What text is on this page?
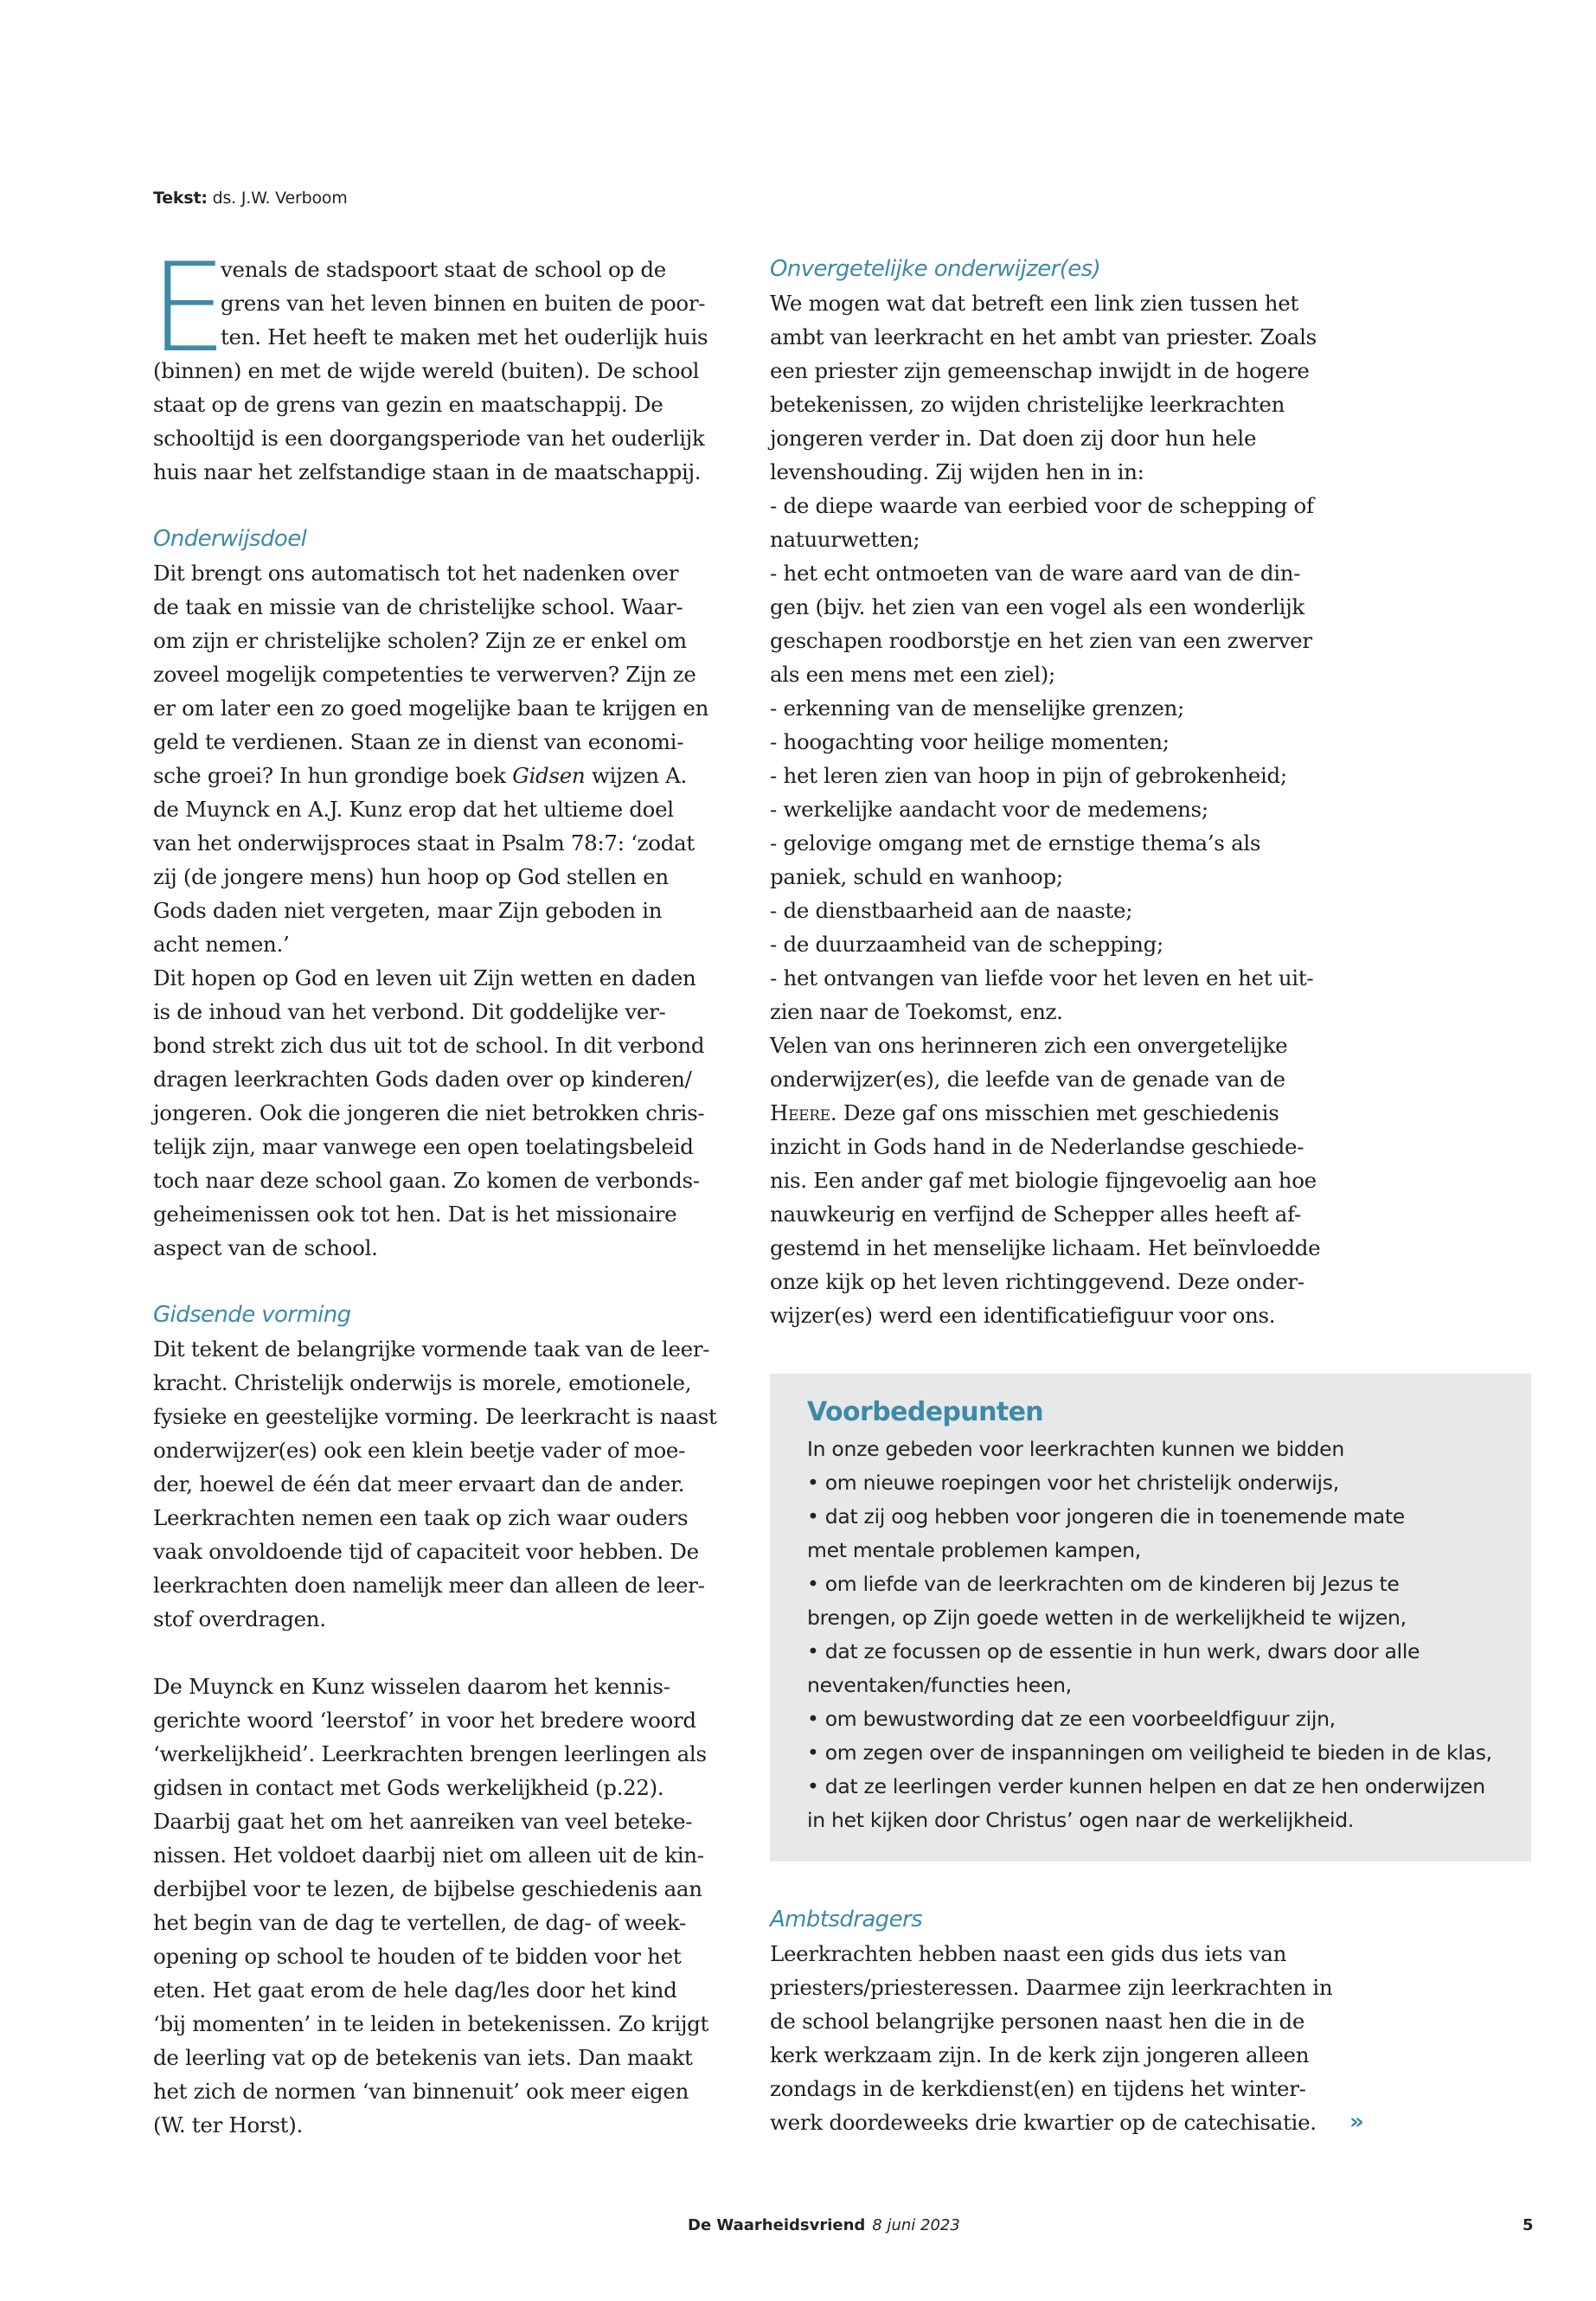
Tekst: ds. J.W. Verboom
E
venals de stadspoort staat de school op de
grens van het leven binnen en buiten de poor-
ten. Het heeft te maken met het ouderlijk huis
(binnen) en met de wijde wereld (buiten). De school
staat op de grens van gezin en maatschappij. De
schooltijd is een doorgangsperiode van het ouderlijk
huis naar het zelfstandige staan in de maatschappij.
Onderwijsdoel
Dit brengt ons automatisch tot het nadenken over
de taak en missie van de christelijke school. Waar-
om zijn er christelijke scholen? Zijn ze er enkel om
zoveel mogelijk competenties te verwerven? Zijn ze
er om later een zo goed mogelijke baan te krijgen en
geld te verdienen. Staan ze in dienst van economi-
sche groei? In hun grondige boek Gidsen wijzen A.
de Muynck en A.J. Kunz erop dat het ultieme doel
van het onderwijsproces staat in Psalm 78:7: ‘zodat
zij (de jongere mens) hun hoop op God stellen en
Gods daden niet vergeten, maar Zijn geboden in
acht nemen.’
Dit hopen op God en leven uit Zijn wetten en daden
is de inhoud van het verbond. Dit goddelijke ver-
bond strekt zich dus uit tot de school. In dit verbond
dragen leerkrachten Gods daden over op kinderen/
jongeren. Ook die jongeren die niet betrokken chris-
telijk zijn, maar vanwege een open toelatingsbeleid
toch naar deze school gaan. Zo komen de verbonds-
geheimenissen ook tot hen. Dat is het missionaire
aspect van de school.
Gidsende vorming
Dit tekent de belangrijke vormende taak van de leer-
kracht. Christelijk onderwijs is morele, emotionele,
fysieke en geestelijke vorming. De leerkracht is naast
onderwijzer(es) ook een klein beetje vader of moe-
der, hoewel de één dat meer ervaart dan de ander.
Leerkrachten nemen een taak op zich waar ouders
vaak onvoldoende tijd of capaciteit voor hebben. De
leerkrachten doen namelijk meer dan alleen de leer-
stof overdragen.
De Muynck en Kunz wisselen daarom het kennis-
gerichte woord ‘leerstof’ in voor het bredere woord
‘werkelijkheid’. Leerkrachten brengen leerlingen als
gidsen in contact met Gods werkelijkheid (p.22).
Daarbij gaat het om het aanreiken van veel beteke-
nissen. Het voldoet daarbij niet om alleen uit de kin-
derbijbel voor te lezen, de bijbelse geschiedenis aan
het begin van de dag te vertellen, de dag- of week-
opening op school te houden of te bidden voor het
eten. Het gaat erom de hele dag/les door het kind
‘bij momenten’ in te leiden in betekenissen. Zo krijgt
de leerling vat op de betekenis van iets. Dan maakt
het zich de normen ‘van binnenuit’ ook meer eigen
(W. ter Horst).
Onvergetelijke onderwijzer(es)
We mogen wat dat betreft een link zien tussen het
ambt van leerkracht en het ambt van priester. Zoals
een priester zijn gemeenschap inwijdt in de hogere
betekenissen, zo wijden christelijke leerkrachten
jongeren verder in. Dat doen zij door hun hele
levenshouding. Zij wijden hen in in:
- de diepe waarde van eerbied voor de schepping of
natuurwetten;
- het echt ontmoeten van de ware aard van de din-
gen (bijv. het zien van een vogel als een wonderlijk
geschapen roodborstje en het zien van een zwerver
als een mens met een ziel);
- erkenning van de menselijke grenzen;
- hoogachting voor heilige momenten;
- het leren zien van hoop in pijn of gebrokenheid;
- werkelijke aandacht voor de medemens;
- gelovige omgang met de ernstige thema’s als
paniek, schuld en wanhoop;
- de dienstbaarheid aan de naaste;
- de duurzaamheid van de schepping;
- het ontvangen van liefde voor het leven en het uit-
zien naar de Toekomst, enz.
Velen van ons herinneren zich een onvergetelijke
onderwijzer(es), die leefde van de genade van de
Heere. Deze gaf ons misschien met geschiedenis
inzicht in Gods hand in de Nederlandse geschiede-
nis. Een ander gaf met biologie fijngevoelig aan hoe
nauwkeurig en verfijnd de Schepper alles heeft af-
gestemd in het menselijke lichaam. Het beïnvloedde
onze kijk op het leven richtinggevend. Deze onder-
wijzer(es) werd een identificatiefiguur voor ons.
Voorbedepunten
In onze gebeden voor leerkrachten kunnen we bidden
• om nieuwe roepingen voor het christelijk onderwijs,
• dat zij oog hebben voor jongeren die in toenemende mate
met mentale problemen kampen,
• om liefde van de leerkrachten om de kinderen bij Jezus te
brengen, op Zijn goede wetten in de werkelijkheid te wijzen,
• dat ze focussen op de essentie in hun werk, dwars door alle
neventaken/functies heen,
• om bewustwording dat ze een voorbeeldfiguur zijn,
• om zegen over de inspanningen om veiligheid te bieden in de klas,
• dat ze leerlingen verder kunnen helpen en dat ze hen onderwijzen
in het kijken door Christus’ ogen naar de werkelijkheid.
Ambtsdragers
Leerkrachten hebben naast een gids dus iets van
priesters/priesteressen. Daarmee zijn leerkrachten in
de school belangrijke personen naast hen die in de
kerk werkzaam zijn. In de kerk zijn jongeren alleen
zondags in de kerkdienst(en) en tijdens het winter-
werk doordeweeks drie kwartier op de catechisatie.	»
De Waarheidsvriend 8 juni 2023	5
